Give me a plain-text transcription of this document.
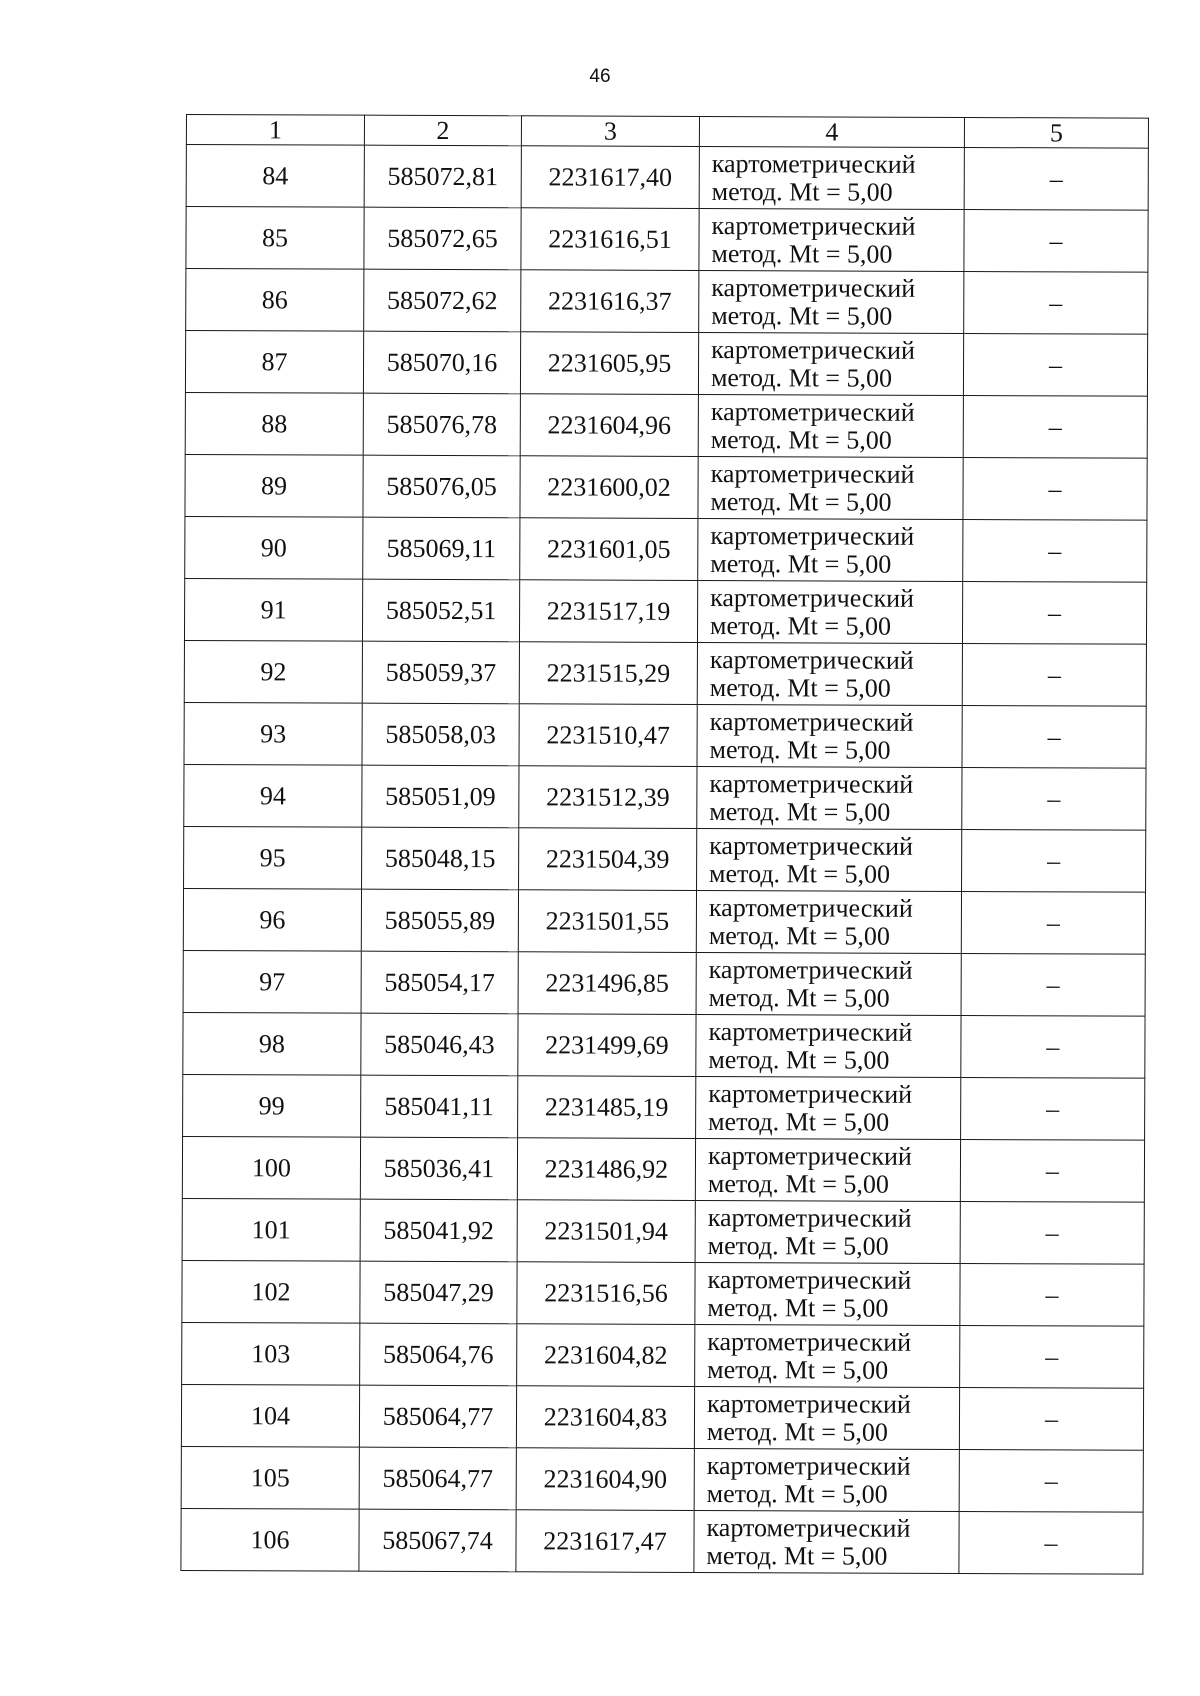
46
1	2	3	4	5
84	585072,81	2231617,40	картометрический
метод. Mt = 5,00	–
85	585072,65	2231616,51	картометрический
метод. Mt = 5,00	–
86	585072,62	2231616,37	картометрический
метод. Mt = 5,00	–
87	585070,16	2231605,95	картометрический
метод. Mt = 5,00	–
88	585076,78	2231604,96	картометрический
метод. Mt = 5,00	–
89	585076,05	2231600,02	картометрический
метод. Mt = 5,00	–
90	585069,11	2231601,05	картометрический
метод. Mt = 5,00	–
91	585052,51	2231517,19	картометрический
метод. Mt = 5,00	–
92	585059,37	2231515,29	картометрический
метод. Mt = 5,00	–
93	585058,03	2231510,47	картометрический
метод. Mt = 5,00	–
94	585051,09	2231512,39	картометрический
метод. Mt = 5,00	–
95	585048,15	2231504,39	картометрический
метод. Mt = 5,00	–
96	585055,89	2231501,55	картометрический
метод. Mt = 5,00	–
97	585054,17	2231496,85	картометрический
метод. Mt = 5,00	–
98	585046,43	2231499,69	картометрический
метод. Mt = 5,00	–
99	585041,11	2231485,19	картометрический
метод. Mt = 5,00	–
100	585036,41	2231486,92	картометрический
метод. Mt = 5,00	–
101	585041,92	2231501,94	картометрический
метод. Mt = 5,00	–
102	585047,29	2231516,56	картометрический
метод. Mt = 5,00	–
103	585064,76	2231604,82	картометрический
метод. Mt = 5,00	–
104	585064,77	2231604,83	картометрический
метод. Mt = 5,00	–
105	585064,77	2231604,90	картометрический
метод. Mt = 5,00	–
106	585067,74	2231617,47	картометрический
метод. Mt = 5,00	–
